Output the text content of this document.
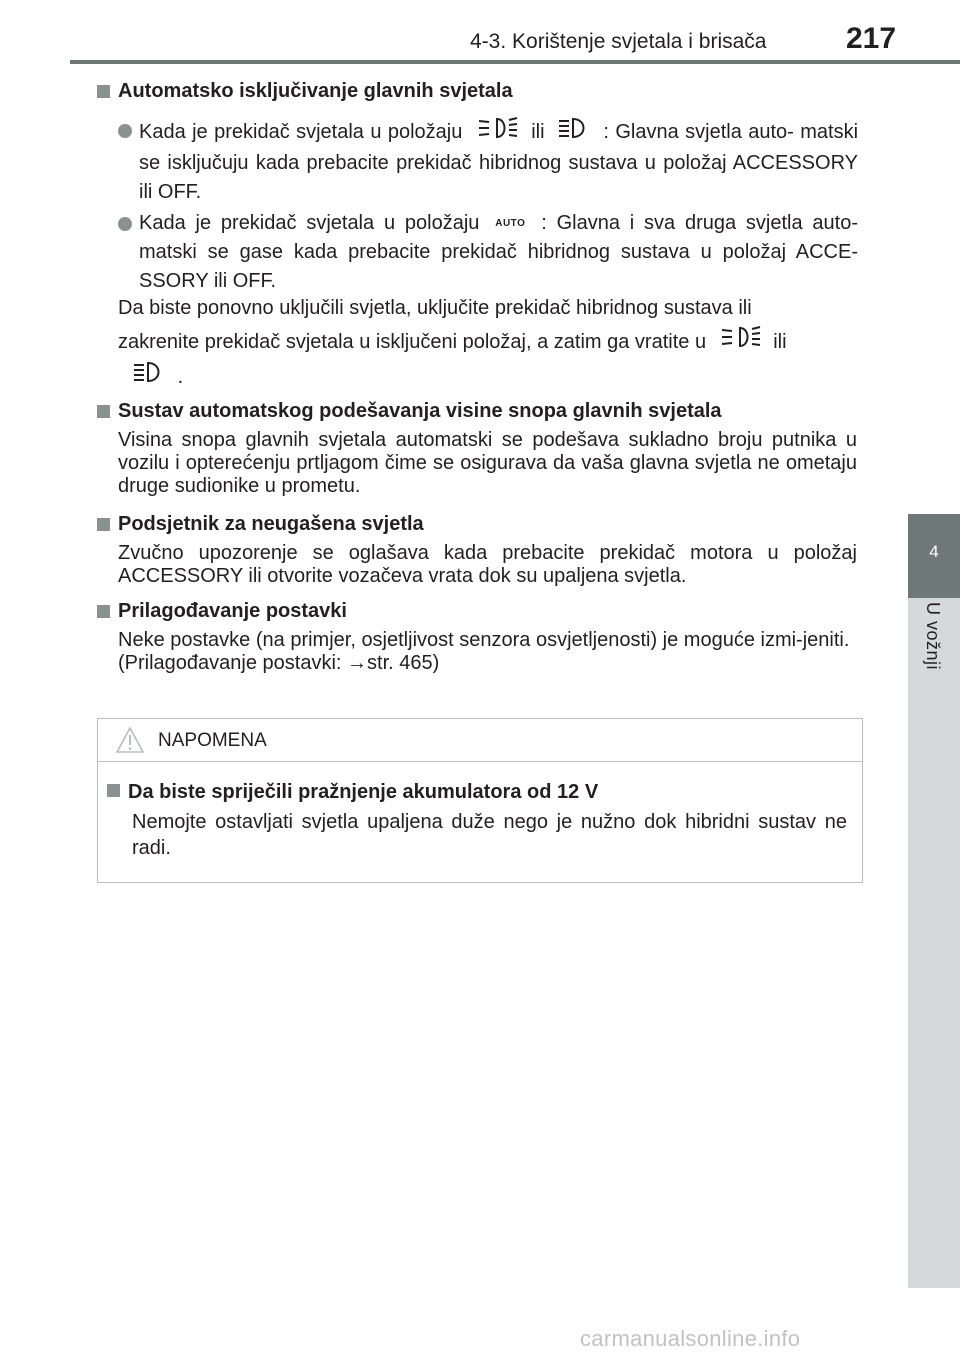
4-3. Korištenje svjetala i brisača	217
4
U vožnji
Automatsko isključivanje glavnih svjetala
Kada je prekidač svjetala u položaju	ili	: Glavna svjetla auto- matski se isključuju kada prebacite prekidač hibridnog sustava u položaj ACCESSORY ili OFF.
Kada je prekidač svjetala u položaju AUTO : Glavna i sva druga svjetla auto- matski se gase kada prebacite prekidač hibridnog sustava u položaj ACCE-SSORY ili OFF.
Da biste ponovno uključili svjetla, uključite prekidač hibridnog sustava ili
zakrenite prekidač svjetala u isključeni položaj, a zatim ga vratite u	ili
.
Sustav automatskog podešavanja visine snopa glavnih svjetala
Visina snopa glavnih svjetala automatski se podešava sukladno broju putnika u vozilu i opterećenju prtljagom čime se osigurava da vaša glavna svjetla ne ometaju druge sudionike u prometu.
Podsjetnik za neugašena svjetla
Zvučno upozorenje se oglašava kada prebacite prekidač motora u položaj ACCESSORY ili otvorite vozačeva vrata dok su upaljena svjetla.
Prilagođavanje postavki
Neke postavke (na primjer, osjetljivost senzora osvjetljenosti) je moguće izmi-jeniti.
(Prilagođavanje postavki: →str. 465)
NAPOMENA
Da biste spriječili pražnjenje akumulatora od 12 V
Nemojte ostavljati svjetla upaljena duže nego je nužno dok hibridni sustav ne radi.
carmanualsonline.info
